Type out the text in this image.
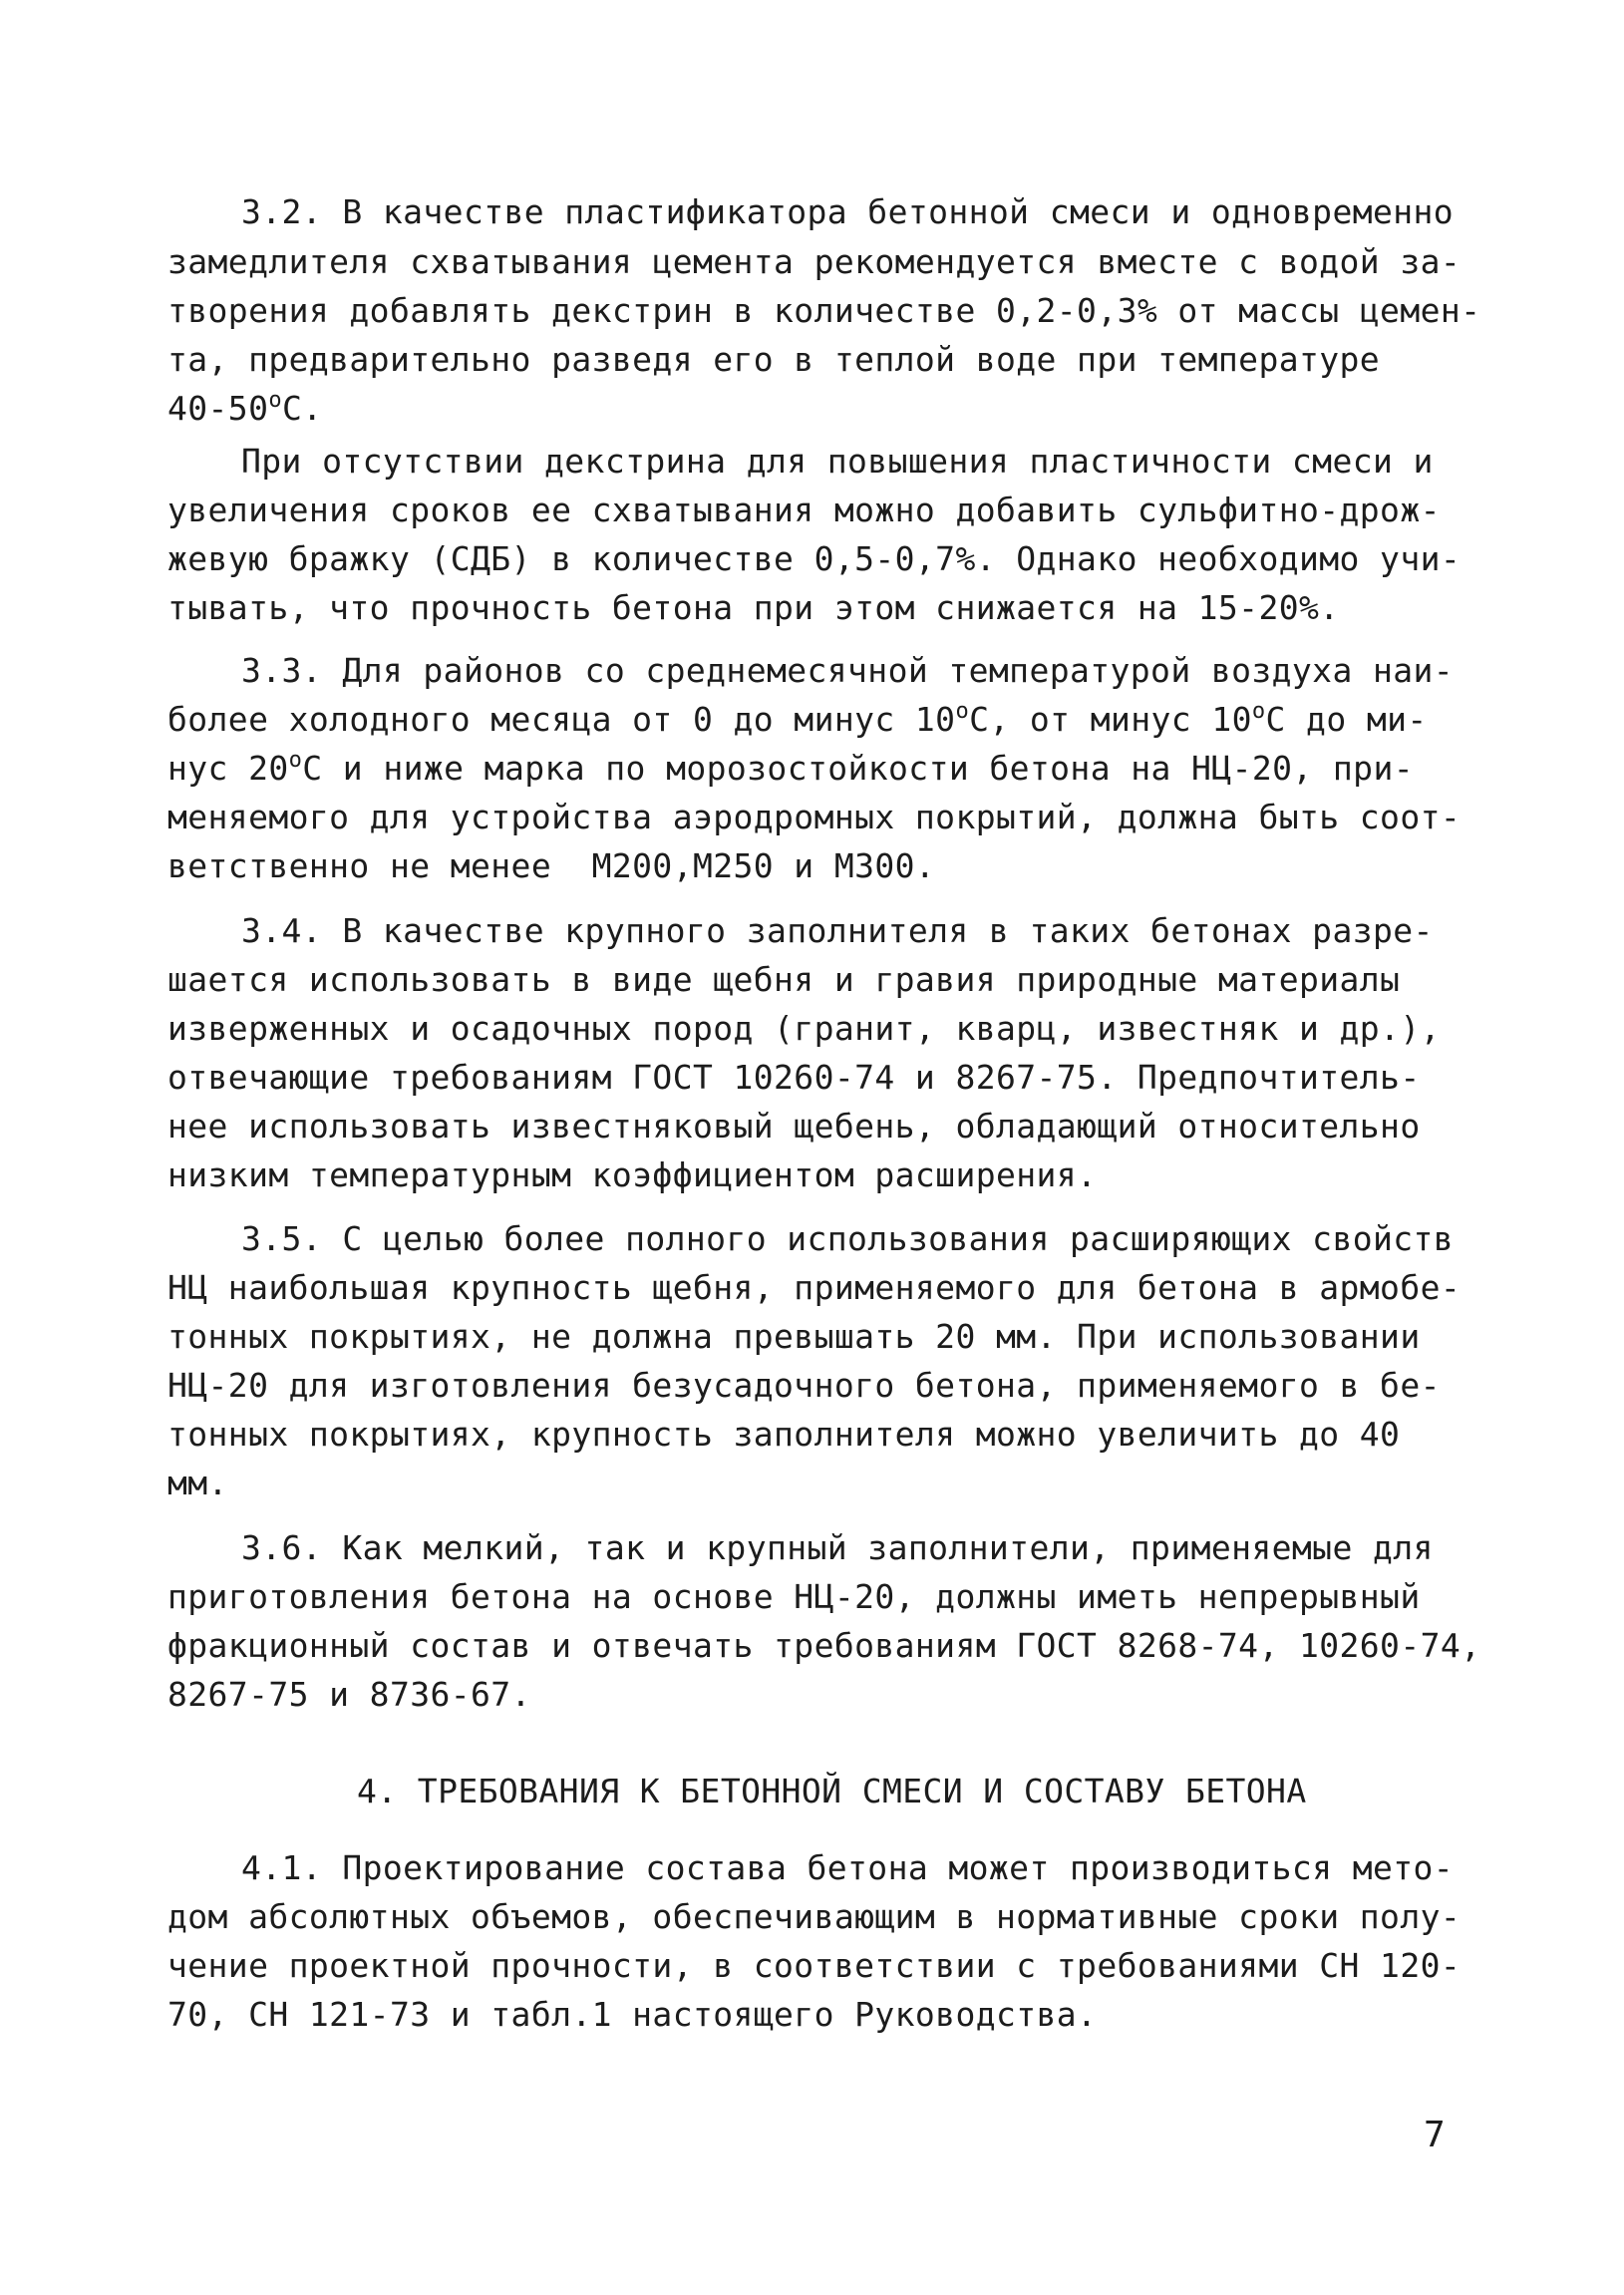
3.2. В качестве пластификатора бетонной смеси и одновременно
замедлителя схватывания цемента рекомендуется вместе с водой за-
творения добавлять декстрин в количестве 0,2-0,3% от массы цемен-
та, предварительно разведя его в теплой воде при температуре
40-50$^o$С.
При отсутствии декстрина для повышения пластичности смеси и
увеличения сроков ее схватывания можно добавить сульфитно-дрож-
жевую бражку (СДБ) в количестве 0,5-0,7%. Однако необходимо учи-
тывать, что прочность бетона при этом снижается на 15-20%.
3.3. Для районов со среднемесячной температурой воздуха наи-
более холодного месяца от 0 до минус $10^оС$, от минус $10^оС$ до ми-
нус $20^оС$ и ниже марка по морозостойкости бетона на НЦ-20, при-
меняемого для устройства аэродромных покрытий, должна быть соот-
ветственно не менее  М200,М250 и М300.
3.4. В качестве крупного заполнителя в таких бетонах разре-
шается использовать в виде щебня и гравия природные материалы
изверженных и осадочных пород (гранит, кварц, известняк и др.),
отвечающие требованиям ГОСТ 10260-74 и 8267-75. Предпочтитель-
нее использовать известняковый щебень, обладающий относительно
низким температурным коэффициентом расширения.
3.5. С целью более полного использования расширяющих свойств
НЦ наибольшая крупность щебня, применяемого для бетона в армобе-
тонных покрытиях, не должна превышать 20 мм. При использовании
НЦ-20 для изготовления безусадочного бетона, применяемого в бе-
тонных покрытиях, крупность заполнителя можно увеличить до 40
мм.
3.6. Как мелкий, так и крупный заполнители, применяемые для
приготовления бетона на основе НЦ-20, должны иметь непрерывный
фракционный состав и отвечать требованиям ГОСТ 8268-74, 10260-74,
8267-75 и 8736-67.
4. ТРЕБОВАНИЯ К БЕТОННОЙ СМЕСИ И СОСТАВУ БЕТОНА
4.1. Проектирование состава бетона может производиться мето-
дом абсолютных объемов, обеспечивающим в нормативные сроки полу-
чение проектной прочности, в соответствии с требованиями СН 120-
70, СН 121-73 и табл.1 настоящего Руководства.
7
